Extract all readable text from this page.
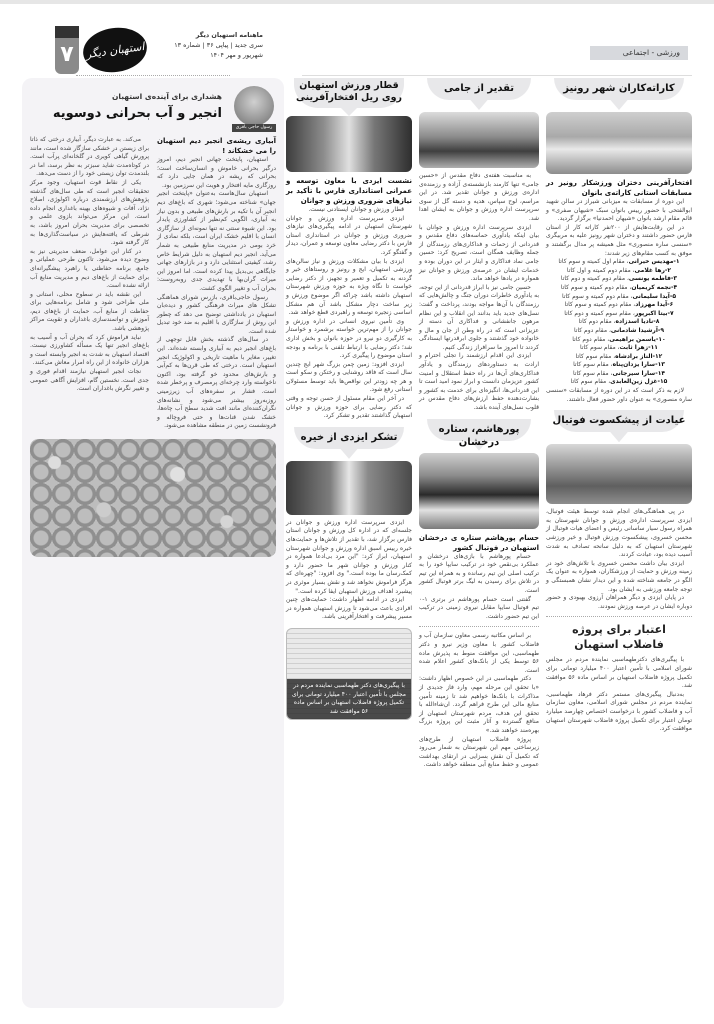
۷	استهبان دیگر
ماهنامه استهبان دیگر
سری جدید | پیاپی ۳۶ | شماره ۱۳
شهریور و مهر ۱۴۰۴	ورزشی - اجتماعی
کاراته‌کاران شهر رونیز
افتخارآفرینی دختران ورزشکار رونیز در مسابقات استانی کاراته‌ی بانوان

این دوره از مسابقات به میزبانی شیراز در سالن شهید ابوالفتحی با حضور رییس بانوان سبک «شیهان صفری» و قائم مقام ارشد بانوان «شیهان احمدنیا» برگزار گردید.

در این رقابت‌هایش از ۲۰۰نفر کاراته کار از استان فارس حضور داشتند و دختران شهر رونیز علیه به مربیگری «سنسی ساره منصوری» مثل همیشه پر مدال برگشتند و موفق به کسب مقام‌های زیر شدند:

۱-مهدیس خیرانی، مقام اول کمیته و سوم کاتا
۲-رها غلامی، مقام دوم کمیته و اول کاتا
۳-فاطمه یونسی، مقام دوم کمیته و دوم کاتا
۴-نجمه کریمیان، مقام دوم کمیته و سوم کاتا
۵-آیدا سلیمانی، مقام دوم کمیته و سوم کاتا
۶-آیدا مهرزاد، مقام دوم کمیته و سوم کاتا
۷-بیتا اکبرپور، مقام سوم کمیته و دوم کاتا
۸-نادیا اسدزاده، مقام دوم کاتا
۹-آرشیدا شادمانی، مقام دوم کاتا
۱۰-یاسمن براهیمی، مقام دوم کاتا
۱۱-زهرا ثابت، مقام سوم کاتا
۱۲-الناز برادشاه، مقام سوم کاتا
۱۳-سارا یزدان‌پناه، مقام سوم کاتا
۱۴-سارا سیرجانی، مقام سوم کاتا
۱۵-غزل زین‌العابدی، مقام سوم کاتا

لازم به ذکر است که در این دوره از مسابقات «سنسی ساره منصوری» به عنوان داور حضور فعال داشتند.

عیادت از پیشکسوت فوتبال

در پی هماهنگی‌های انجام شده توسط هیئت فوتبال، ایزدی سرپرست اداره‌ی ورزش و جوانان شهرستان به همراه رسول سیار ساسانی رئیس و اعضای هیات فوتبال از محسن خسروی، پیشکسوت ورزش فوتبال و خیر ورزشی شهرستان استهبان که به دلیل سانحه تصادف به شدت آسیب دیده بود، عیادت کردند.

ایزدی بیان داشت محسن خسروی با تلاش‌های خود در زمینه ورزش و حمایت از ورزشکاران، همواره به عنوان یک الگو در جامعه شناخته شده و این دیدار نشان همبستگی و توجه جامعه ورزشی به ایشان بود.

در پایان ایزدی و دیگر همراهان آرزوی بهبودی و حضور دوباره ایشان در عرصه ورزش نمودند.

اعتبار برای پروژه
فاضلاب استهبان

با پیگیری‌های دکترطهماسبی نماینده مردم در مجلس شورای اسلامی با تأمین اعتبار ۴۰۰ میلیارد تومانی برای تکمیل پروژه فاضلاب استهبان بر اساس ماده ۵۶ موافقت شد.

به‌دنبال پیگیری‌های مستمر دکتر فرهاد طهماسبی، نماینده مردم در مجلس شورای اسلامی، معاون سازمان آب و فاضلاب کشور با درخواست اختصاص چهارصد میلیارد تومان اعتبار برای تکمیل پروژه فاضلاب شهرستان استهبان موافقت کرد.

تقدیر از جامی

به مناسبت هفته‌ی دفاع مقدس از «حسین جامی» تنها کارمند بازنشسته‌ی آزاده و رزمنده‌ی اداره‌ی ورزش و جوانان تقدیر شد. در این مراسم، لوح سپاس، هدیه و دسته گل از سوی سرپرست اداره ورزش و جوانان به ایشان اهدا شد.

ایزدی سرپرست اداره ورزش و جوانان با بیان اینکه یادآوری حماسه‌های دفاع مقدس و قدردانی از زحمات و فداکاری‌های رزمندگان از جمله وظایف همگان است، تصریح کرد: حسین جامی نماد فداکاری و ایثار در این دوران بوده و خدمات ایشان در عرصه‌ی ورزش و جوانان نیز همواره در یادها خواهد ماند.

حسین جامی نیز با ابراز قدردانی از این توجه، به یادآوری خاطرات دوران جنگ و چالش‌هایی که رزمندگان با آن‌ها مواجه بودند، پرداخت و گفت: نسل‌های جدید باید بدانند این انقلاب و این نظام مرهون جانفشانی و فداکاری آن دسته از عزیزانی است که در راه وطن از جان و مال و خانواده خود گذشتند و جلوی ابرقدرتها ایستادگی کردند تا امروز ما سرافراز زندگی کنیم.

ایزدی این اقدام ارزشمند را تجلی احترام و ارادت به دستاوردهای رزمندگان و یادآور فداکاری‌های آن‌ها در راه حفظ استقلال و امنیت کشور عزیزمان دانست و ابراز نمود امید است تا این قدردانی‌ها، انگیزه‌ای برای خدمت به کشور و بشارت‌دهنده حفظ ارزش‌های دفاع مقدس در قلوب نسل‌های آینده باشد.

پورهاشم، ستاره درخشان
حسام پورهاشم ستاره ی درخشان استهبان در فوتبال کشور

حسام پورهاشم با بازی‌های درخشان و عملکرد بی‌نقص خود در ترکیب سایپا خود را به ترکیب اصلی این تیم رسانده و به همراه این تیم در تلاش برای رسیدن به لیگ برتر فوتبال کشور است.

گفتنی است حسام پورهاشم در برتری ۱-۰ تیم فوتبال سایپا مقابل نیروی زمینی در ترکیب این تیم حضور داشت.

بر اساس مکاتبه رسمی معاون سازمان آب و فاضلاب کشور با معاون وزیر نیرو و دکتر طهماسبی، این موافقت منوط به پذیرش ماده ۵۶ توسط یکی از بانک‌های کشور اعلام شده است.

دکتر طهماسبی در این خصوص اظهار داشت: «با تحقق این مرحله مهم، وارد فاز جدیدی از مذاکرات با بانک‌ها خواهیم شد تا زمینه تأمین منابع مالی این طرح فراهم گردد. ان‌شاءالله با تحقق این هدف، مردم شهرستان استهبان از منافع گسترده و آثار مثبت این پروژه بزرگ بهره‌مند خواهند شد.»

پروژه فاضلاب استهبان از طرح‌های زیرساختی مهم این شهرستان به شمار می‌رود که تکمیل آن نقش بسزایی در ارتقای بهداشت عمومی و حفظ منابع آبی منطقه خواهد داشت.

قطار ورزش استهبان
روی ریل افتخارآفرینی
نشست ایزدی با معاون توسعه و عمرانی استانداری فارس با تأکید بر نیازهای ضروری ورزش و جوانان

قطار ورزش و جوانان ایستادنی نیست.

ایزدی سرپرست اداره ورزش و جوانان شهرستان استهبان در ادامه پیگیری‌های نیازهای ضروری ورزش و جوانان در استانداری استان فارس با دکتر رضایی معاون توسعه و عمران، دیدار و گفتگو کرد.

ایزدی با بیان مشکلات ورزش و نیاز سالن‌های ورزشی استهبان، ایج و رونیز و روستاهای خیر و گردنه به تکمیل و تعمیر و تجهیز، از دکتر رضایی خواست تا نگاه ویژه به حوزه ورزش شهرستان استهبان داشته باشد چراکه اگر موضوع ورزش و زیر ساخت دچار مشکل باشد آن هم مشکل اساسی زنجیره توسعه و راهبردی قطع خواهد شد.

وی تأمین نیروی انسانی در اداره ورزش و جوانان را از مهم‌ترین خواسته برشمرد و خواستار به کارگیری دو نیرو در حوزه بانوان و بخش اداری شد؛ دکتر رضایی با ارتباط تلفنی با برنامه و بودجه استان موضوع را پیگیری کرد.

ایزدی افزود: زمین چمن بزرگ شهر ایج چندین سال است که فاقد روشنایی و رختکن و سکو است و هر چه زودتر این نواقص‌ها باید توسط مسئولان استانی رفع شود.

در آخر این مقام مسئول از حسن توجه و وقتی که دکتر رضایی برای حوزه ورزش و جوانان استهبان گذاشتند تقدیر و تشکر کرد.

تشکر ایزدی از خیره

ایزدی سرپرست اداره ورزش و جوانان در جلسه‌ای که در اداره کل ورزش و جوانان استان فارس برگزار شد، با تقدیر از تلاش‌ها و حمایت‌های خیره رییس اسبق اداره ورزش و جوانان شهرستان استهبان، ابراز کرد: "این مرد بی‌ادعا همواره در کنار ورزش و جوانان شهر ما حضور دارد و کمک‌رسان ما بوده است." وی افزود: "چهره‌ای که هرگز فراموش نخواهد شد و نقش بسیار موثری در پیشبرد اهداف ورزش استهبان ایفا کرده است."

ایزدی در ادامه اظهار داشت: حمایت‌های چنین افرادی باعث می‌شود تا ورزش استهبان همواره در مسیر پیشرفت و افتخارآفرینی باشد.

با پیگیری‌های دکتر طهماسبی نماینده مردم در مجلس با تأمین اعتبار ۴۰۰ میلیارد تومانی برای تکمیل پروژه فاضلاب استهبان بر اساس ماده ۵۶ موافقت شد
رسول حاجی باقری
هشداری برای آینده‌ی استهبان
انجیر و آب بحرانی دوسویه
آبیاری ریشه‌ی انجیر دیم استهبان را می خشکاند !

استهبان، پایتخت جهانی انجیر دیم، امروز درگیر بحرانی خاموش و انسان‌ساخت است؛ بحرانی که ریشه در همان جایی دارد که روزگاری مایه افتخار و هویت این سرزمین بود.

استهبان سال‌هاست به‌عنوان «پایتخت انجیر جهان» شناخته می‌شود؛ شهری که باغ‌های دیم انجیر آن با تکیه بر بارش‌های طبیعی و بدون نیاز به آبیاری، الگویی کم‌نظیر از کشاورزی پایدار بود. این شیوه سنتی نه تنها نمونه‌ای از سازگاری انسان با اقلیم خشک ایران است، بلکه نمادی از خرد بومی در مدیریت منابع طبیعی به شمار می‌آید. انجیر دیم استهبان به دلیل شرایط خاص رشد، کیفیتی استثنایی دارد و در بازارهای جهانی جایگاهی بی‌بدیل پیدا کرده است. اما امروز این میراث گران‌بها با تهدیدی جدی روبه‌روست: بحران آب و تغییر الگوی کشت.

رسول حاجی‌باقری، بازرس شورای هماهنگی تشکل های میراث فرهنگی کشور و دیده‌بان استهبان در یادداشتی توضیح می دهد که چطور این روش از سازگاری با اقلیم به ضد خود تبدیل شده است.

در سال‌های گذشته بخش قابل توجهی از باغ‌های انجیر دیم به آبیاری وابسته شده‌اند. این تغییر، مغایر با ماهیت تاریخی و اکولوژیک انجیر استهبان است. درختی که طی قرن‌ها به کم‌آبی و بارش‌های محدود خو گرفته بود، اکنون ناخواسته وارد چرخه‌ای پرمصرف و پرخطر شده است. فشار بر سفره‌های آب زیرزمینی روزبه‌روز بیشتر می‌شود و نشانه‌های نگران‌کننده‌ای مانند افت شدید سطح آب چاه‌ها، خشک شدن قنات‌ها و حتی فروچاله و فرونشست زمین در منطقه مشاهده می‌شود.

می‌کند. به عبارت دیگر، آبیاری درختی که ذاتا برای زیستن در خشکی سازگار شده است، مانند پرورش گیاهی کویری در گلخانه‌ای پرآب است. در کوتاه‌مدت شاید سبزتر به نظر برسد، اما در بلندمدت توان زیستی خود را از دست می‌دهد.

یکی از نقاط قوت استهبان، وجود مرکز تحقیقات انجیر است که طی سال‌های گذشته پژوهش‌های ارزشمندی درباره اکولوژی، اصلاح نژاد، آفات و شیوه‌های بهینه باغداری انجام داده است. این مرکز می‌تواند بازوی علمی و تخصصی برای مدیریت بحران امروز باشد، به شرطی که یافته‌هایش در سیاست‌گذاری‌ها به کار گرفته شود.

در کنار این عوامل، ضعف مدیریتی نیز به وضوح دیده می‌شود. تاکنون طرحی عملیاتی و جامع، برنامه حفاظتی یا راهبرد پیشگیرانه‌ای برای حمایت از باغ‌های دیم و مدیریت منابع آب ارائه نشده است.

این نقشه باید در سطوح محلی، استانی و ملی طراحی شود و شامل برنامه‌هایی برای حفاظت از منابع آب، حمایت از باغ‌های دیم، آموزش و توانمندسازی باغداران و تقویت مراکز پژوهشی باشد.

نباید فراموش کرد که بحران آب و آسیب به باغ‌های انجیر تنها یک مسأله کشاورزی نیست. اقتصاد استهبان به شدت به انجیر وابسته است و هزاران خانواده از این راه امرار معاش می‌کنند.

نجات انجیر استهبان نیازمند اقدام فوری و جدی است. نخستین گام، افزایش آگاهی عمومی و تغییر نگرش باغداران است.
